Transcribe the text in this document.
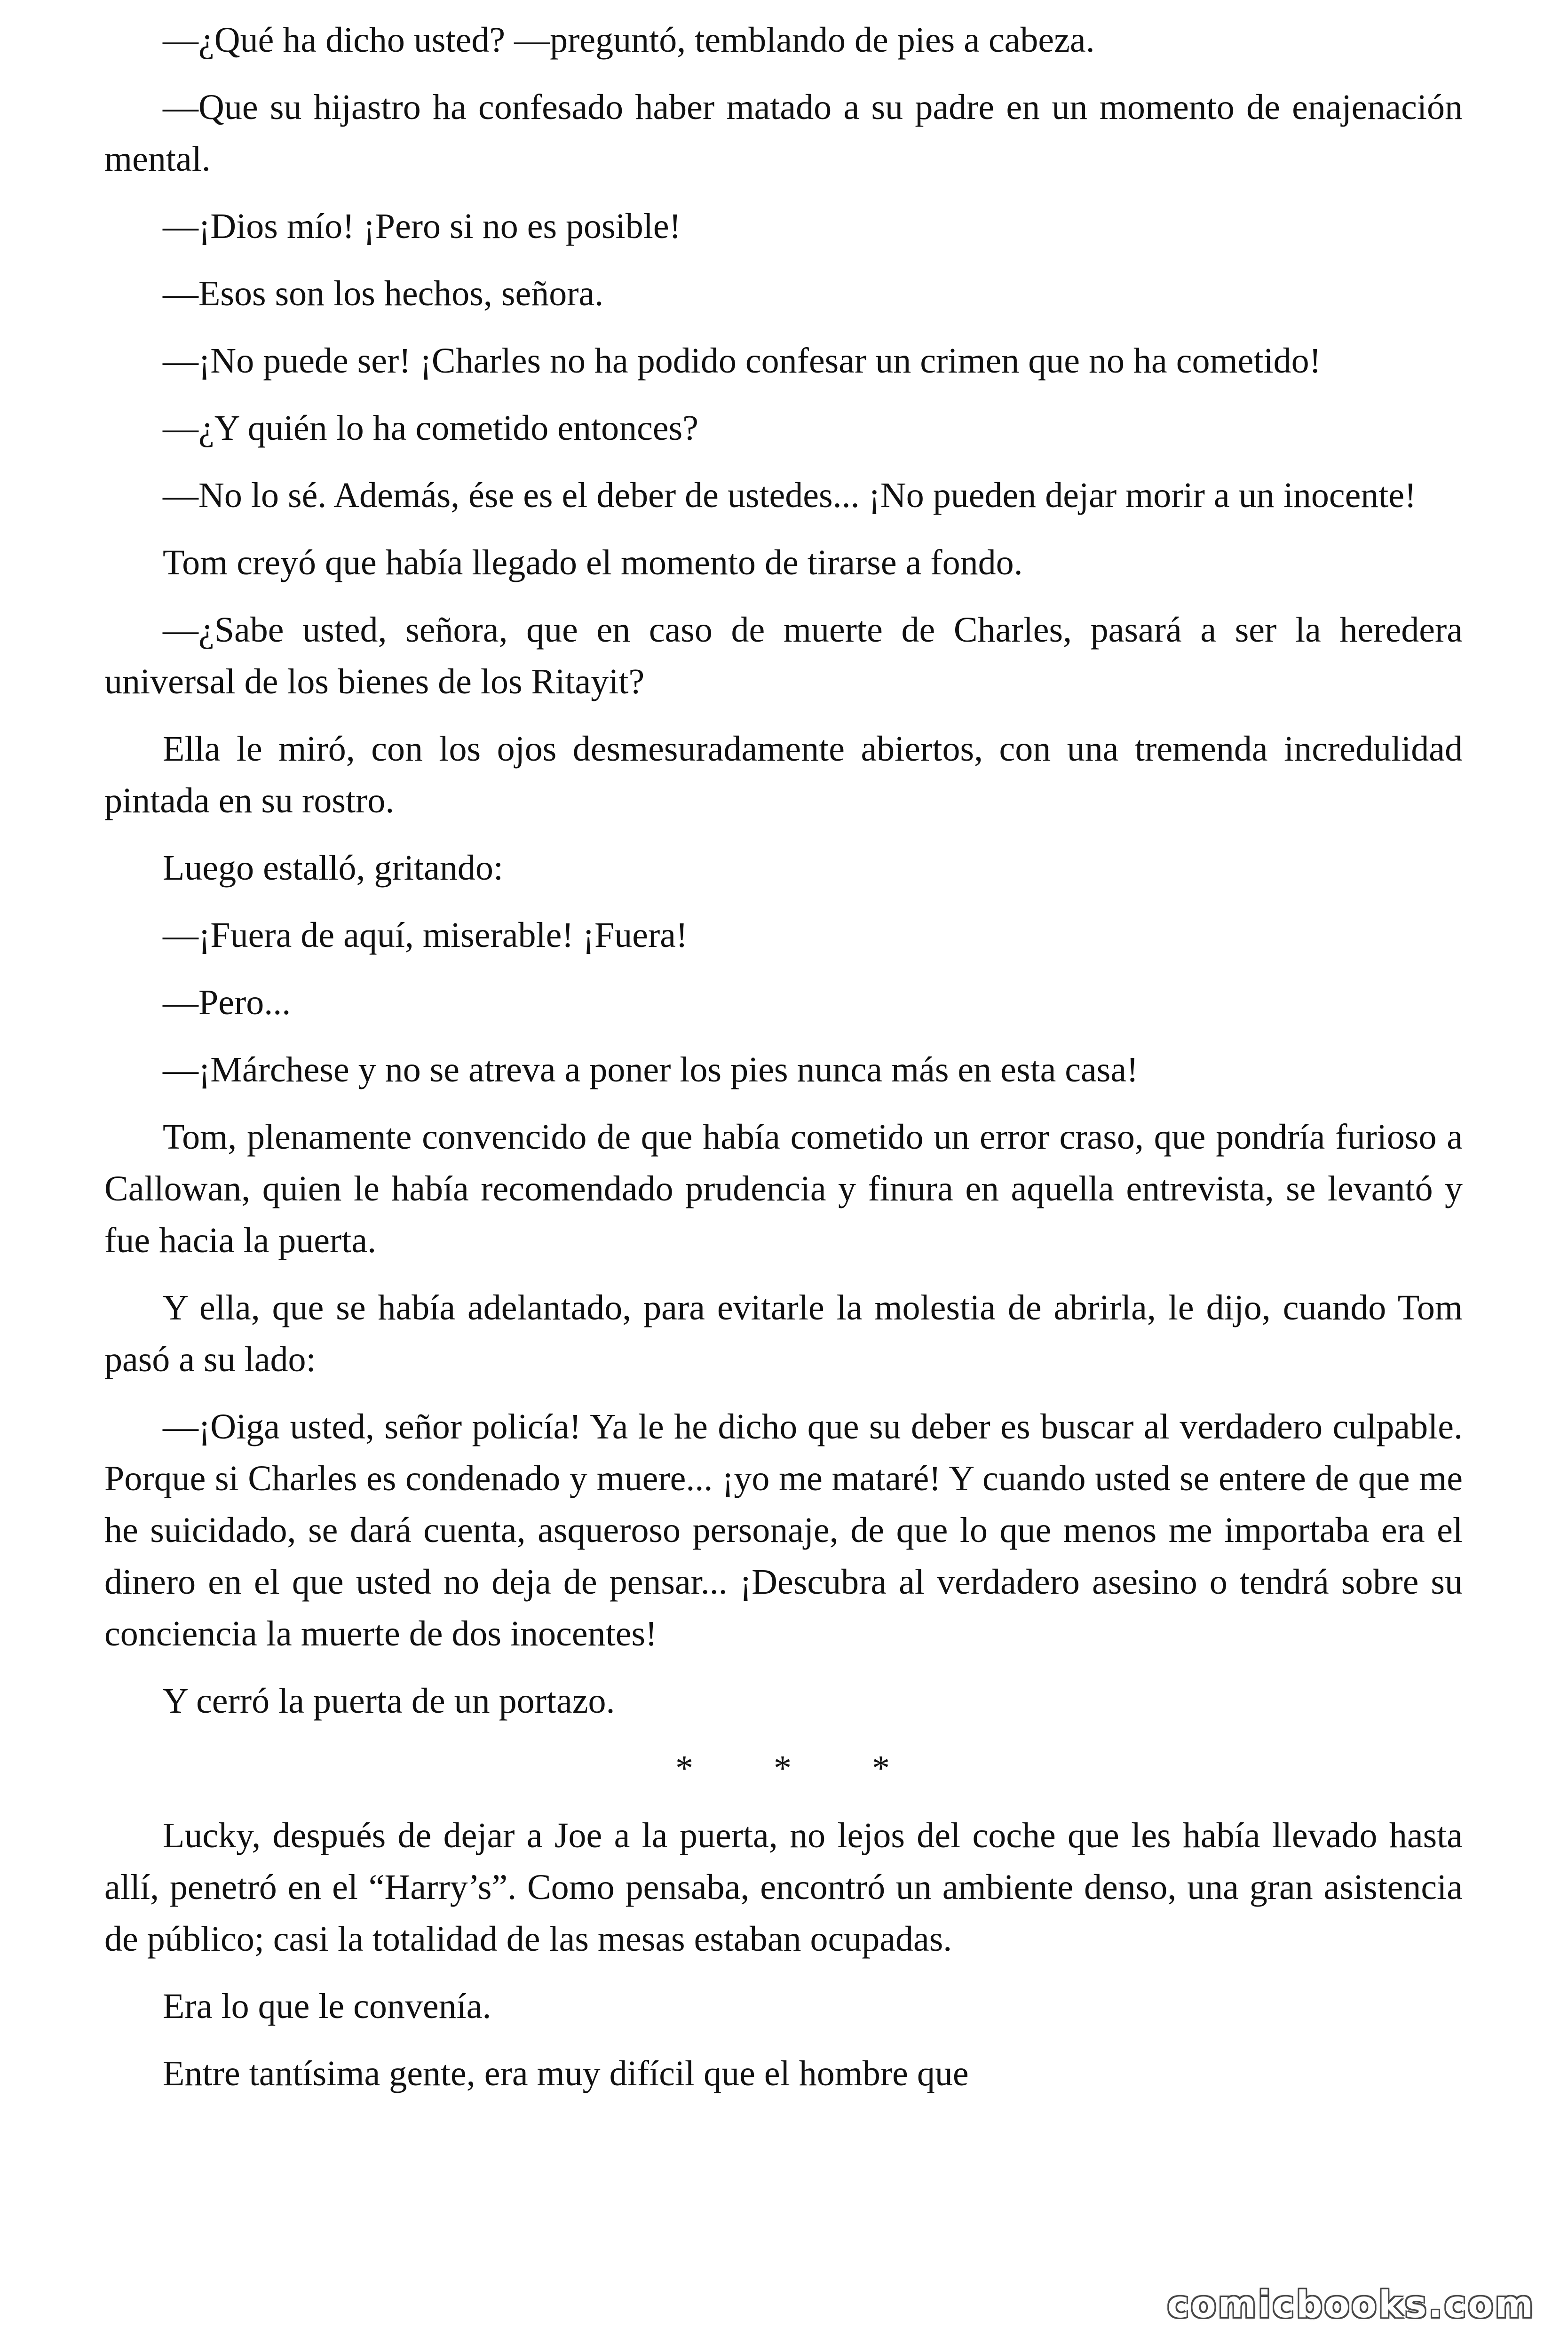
—¿Qué ha dicho usted? —preguntó, temblando de pies a cabeza.

—Que su hijastro ha confesado haber matado a su padre en un momento de enajenación mental.

—¡Dios mío! ¡Pero si no es posible!

—Esos son los hechos, señora.

—¡No puede ser! ¡Charles no ha podido confesar un crimen que no ha cometido!

—¿Y quién lo ha cometido entonces?

—No lo sé. Además, ése es el deber de ustedes... ¡No pueden dejar morir a un inocente!

Tom creyó que había llegado el momento de tirarse a fondo.

—¿Sabe usted, señora, que en caso de muerte de Charles, pasará a ser la heredera universal de los bienes de los Ritayit?

Ella le miró, con los ojos desmesuradamente abiertos, con una tremenda incredulidad pintada en su rostro.

Luego estalló, gritando:

—¡Fuera de aquí, miserable! ¡Fuera!

—Pero...

—¡Márchese y no se atreva a poner los pies nunca más en esta casa!

Tom, plenamente convencido de que había cometido un error craso, que pondría furioso a Callowan, quien le había recomendado prudencia y finura en aquella entrevista, se levantó y fue hacia la puerta.

Y ella, que se había adelantado, para evitarle la molestia de abrirla, le dijo, cuando Tom pasó a su lado:

—¡Oiga usted, señor policía! Ya le he dicho que su deber es buscar al verdadero culpable. Porque si Charles es condenado y muere... ¡yo me mataré! Y cuando usted se entere de que me he suicidado, se dará cuenta, asqueroso personaje, de que lo que menos me importaba era el dinero en el que usted no deja de pensar... ¡Descubra al verdadero asesino o tendrá sobre su conciencia la muerte de dos inocentes!

Y cerró la puerta de un portazo.

* * *

Lucky, después de dejar a Joe a la puerta, no lejos del coche que les había llevado hasta allí, penetró en el “Harry’s”. Como pensaba, encontró un ambiente denso, una gran asistencia de público; casi la totalidad de las mesas estaban ocupadas.

Era lo que le convenía.

Entre tantísima gente, era muy difícil que el hombre que

comicbooks.com
